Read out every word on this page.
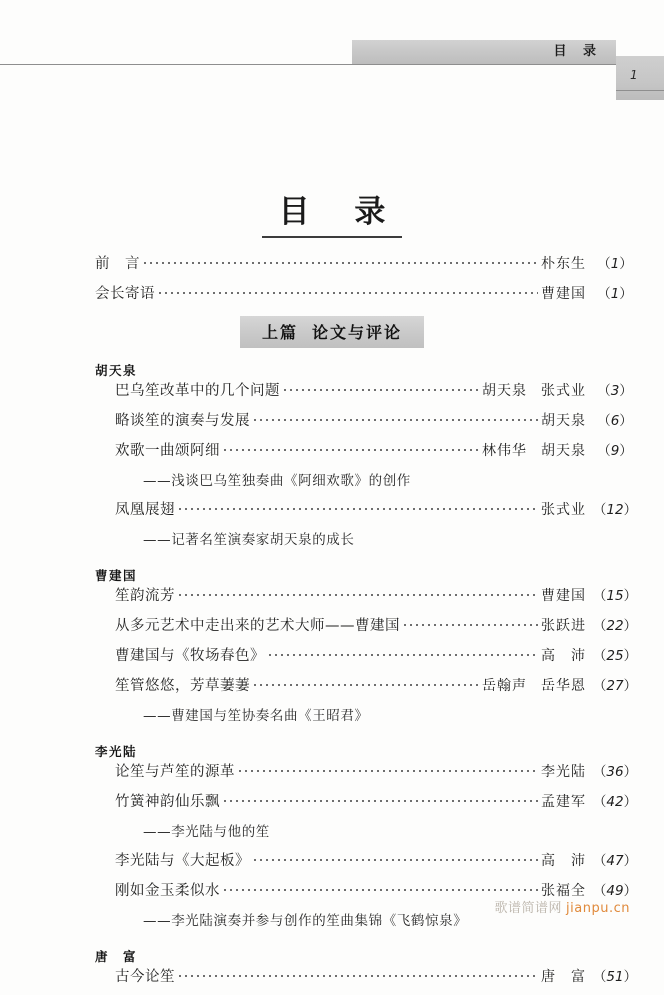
目 录
1
目 录
前　言	朴东生 （1）
会长寄语	曹建国 （1）
上篇 论文与评论
胡天泉
巴乌笙改革中的几个问题	胡天泉 张式业 （3）
略谈笙的演奏与发展	胡天泉 （6）
欢歌一曲颂阿细	林伟华 胡天泉 （9）
——浅谈巴乌笙独奏曲《阿细欢歌》的创作
凤凰展翅	张式业 （12）
——记著名笙演奏家胡天泉的成长
曹建国
笙韵流芳	曹建国 （15）
从多元艺术中走出来的艺术大师——曹建国	张跃进 （22）
曹建国与《牧场春色》	高　沛 （25）
笙管悠悠，芳草萋萋	岳翰声 岳华恩 （27）
——曹建国与笙协奏名曲《王昭君》
李光陆
论笙与芦笙的源革	李光陆 （36）
竹簧神韵仙乐飘	孟建军 （42）
——李光陆与他的笙
李光陆与《大起板》	高　沛 （47）
刚如金玉柔似水	张福全 （49）
——李光陆演奏并参与创作的笙曲集锦《飞鹤惊泉》
唐　富
古今论笙	唐　富 （51）
歌谱简谱网 jianpu.cn
